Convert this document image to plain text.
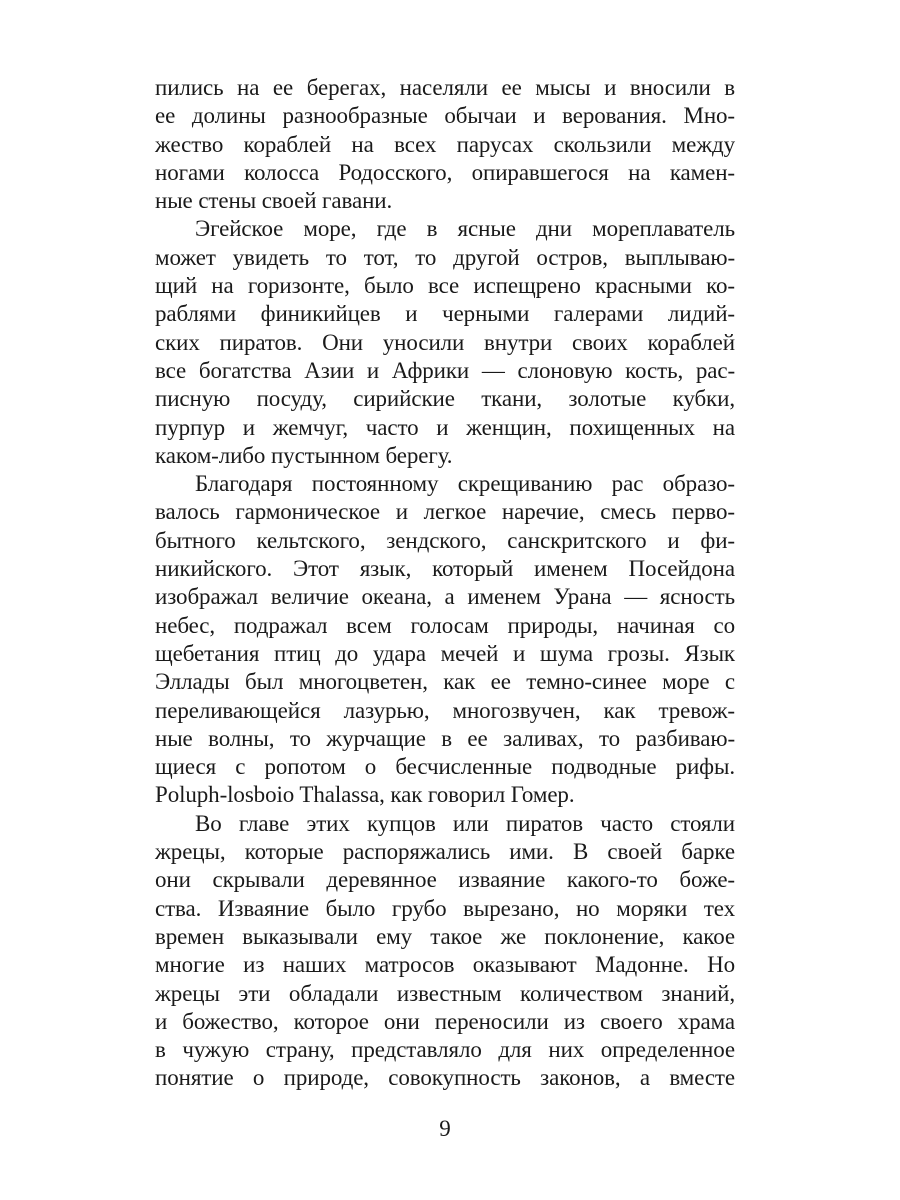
пились на ее берегах, населяли ее мысы и вносили в
ее долины разнообразные обычаи и верования. Мно-
жество кораблей на всех парусах скользили между
ногами колосса Родосского, опиравшегося на камен-
ные стены своей гавани.
Эгейское море, где в ясные дни мореплаватель
может увидеть то тот, то другой остров, выплываю-
щий на горизонте, было все испещрено красными ко-
раблями финикийцев и черными галерами лидий-
ских пиратов. Они уносили внутри своих кораблей
все богатства Азии и Африки — слоновую кость, рас-
писную посуду, сирийские ткани, золотые кубки,
пурпур и жемчуг, часто и женщин, похищенных на
каком-либо пустынном берегу.
Благодаря постоянному скрещиванию рас образо-
валось гармоническое и легкое наречие, смесь перво-
бытного кельтского, зендского, санскритского и фи-
никийского. Этот язык, который именем Посейдона
изображал величие океана, а именем Урана — ясность
небес, подражал всем голосам природы, начиная со
щебетания птиц до удара мечей и шума грозы. Язык
Эллады был многоцветен, как ее темно-синее море с
переливающейся лазурью, многозвучен, как тревож-
ные волны, то журчащие в ее заливах, то разбиваю-
щиеся с ропотом о бесчисленные подводные рифы.
Poluph-losboio Thalassa, как говорил Гомер.
Во главе этих купцов или пиратов часто стояли
жрецы, которые распоряжались ими. В своей барке
они скрывали деревянное изваяние какого-то боже-
ства. Изваяние было грубо вырезано, но моряки тех
времен выказывали ему такое же поклонение, какое
многие из наших матросов оказывают Мадонне. Но
жрецы эти обладали известным количеством знаний,
и божество, которое они переносили из своего храма
в чужую страну, представляло для них определенное
понятие о природе, совокупность законов, а вместе
9
